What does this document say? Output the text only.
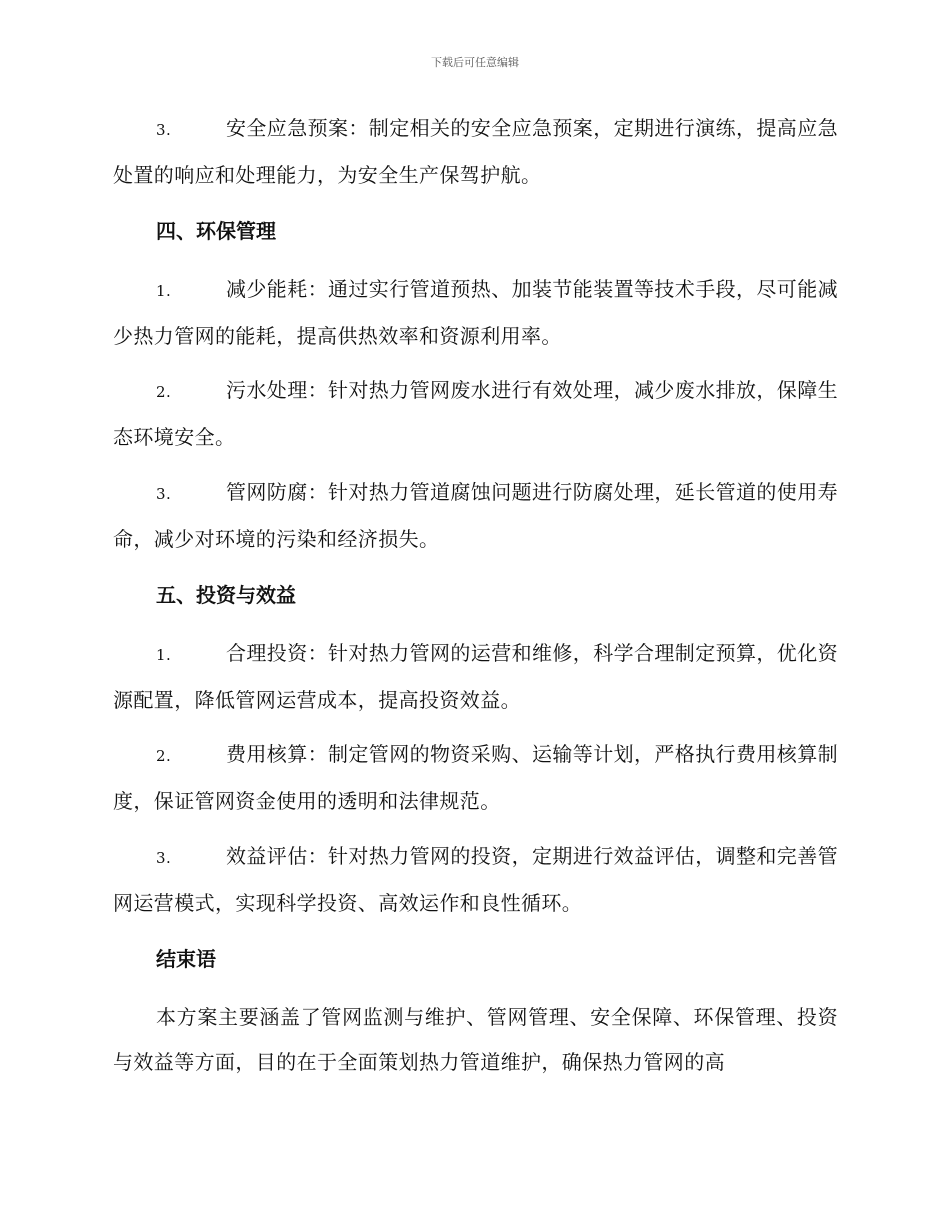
下载后可任意编辑
3.	安全应急预案：制定相关的安全应急预案，定期进行演练，提高应急处置的响应和处理能力，为安全生产保驾护航。
四、环保管理
1.	减少能耗：通过实行管道预热、加装节能装置等技术手段，尽可能减少热力管网的能耗，提高供热效率和资源利用率。
2.	污水处理：针对热力管网废水进行有效处理，减少废水排放，保障生态环境安全。
3.	管网防腐：针对热力管道腐蚀问题进行防腐处理，延长管道的使用寿命，减少对环境的污染和经济损失。
五、投资与效益
1.	合理投资：针对热力管网的运营和维修，科学合理制定预算，优化资源配置，降低管网运营成本，提高投资效益。
2.	费用核算：制定管网的物资采购、运输等计划，严格执行费用核算制度，保证管网资金使用的透明和法律规范。
3.	效益评估：针对热力管网的投资，定期进行效益评估，调整和完善管网运营模式，实现科学投资、高效运作和良性循环。
结束语
本方案主要涵盖了管网监测与维护、管网管理、安全保障、环保管理、投资与效益等方面，目的在于全面策划热力管道维护，确保热力管网的高
